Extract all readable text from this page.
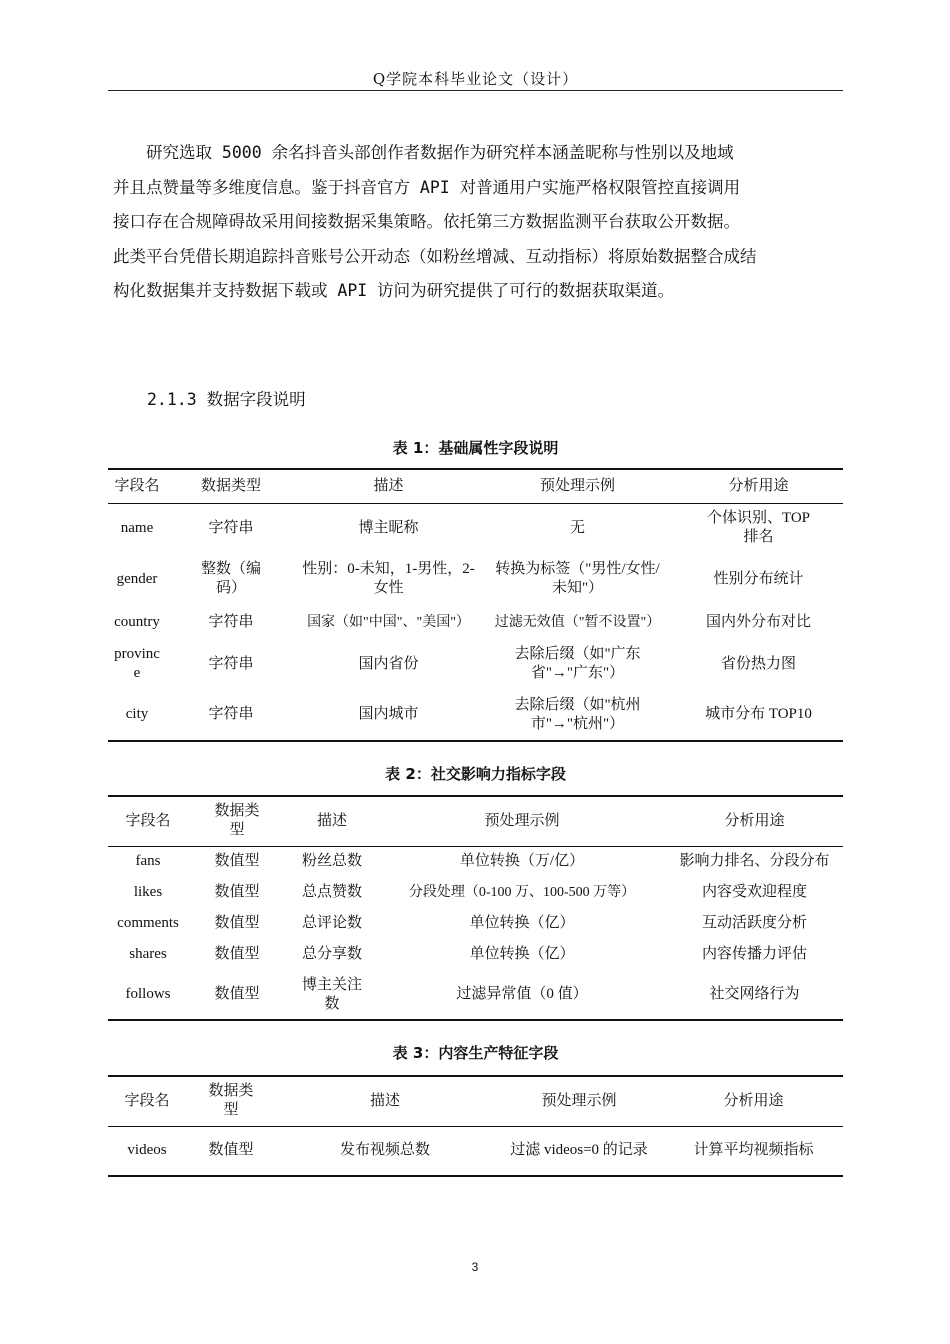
Q学院本科毕业论文（设计）
　　研究选取 5000 余名抖音头部创作者数据作为研究样本涵盖昵称与性别以及地域
并且点赞量等多维度信息。鉴于抖音官方 API 对普通用户实施严格权限管控直接调用
接口存在合规障碍故采用间接数据采集策略。依托第三方数据监测平台获取公开数据。
此类平台凭借长期追踪抖音账号公开动态（如粉丝增减、互动指标）将原始数据整合成结
构化数据集并支持数据下载或 API 访问为研究提供了可行的数据获取渠道。
2.1.3 数据字段说明
表 1：基础属性字段说明
字段名	数据类型	描述	预处理示例	分析用途
name	字符串	博主昵称	无	个体识别、TOP 排名
gender	整数（编码）	性别：0-未知，1-男性，2-女性	转换为标签（"男性/女性/未知"）	性别分布统计
country	字符串	国家（如"中国"、"美国"）	过滤无效值（"暂不设置"）	国内外分布对比
province	字符串	国内省份	去除后缀（如"广东省"→"广东"）	省份热力图
city	字符串	国内城市	去除后缀（如"杭州市"→"杭州"）	城市分布 TOP10
表 2：社交影响力指标字段
字段名	数据类型	描述	预处理示例	分析用途
fans	数值型	粉丝总数	单位转换（万/亿）	影响力排名、分段分布
likes	数值型	总点赞数	分段处理（0-100 万、100-500 万等）	内容受欢迎程度
comments	数值型	总评论数	单位转换（亿）	互动活跃度分析
shares	数值型	总分享数	单位转换（亿）	内容传播力评估
follows	数值型	博主关注数	过滤异常值（0 值）	社交网络行为
表 3：内容生产特征字段
字段名	数据类型	描述	预处理示例	分析用途
videos	数值型	发布视频总数	过滤 videos=0 的记录	计算平均视频指标
3
